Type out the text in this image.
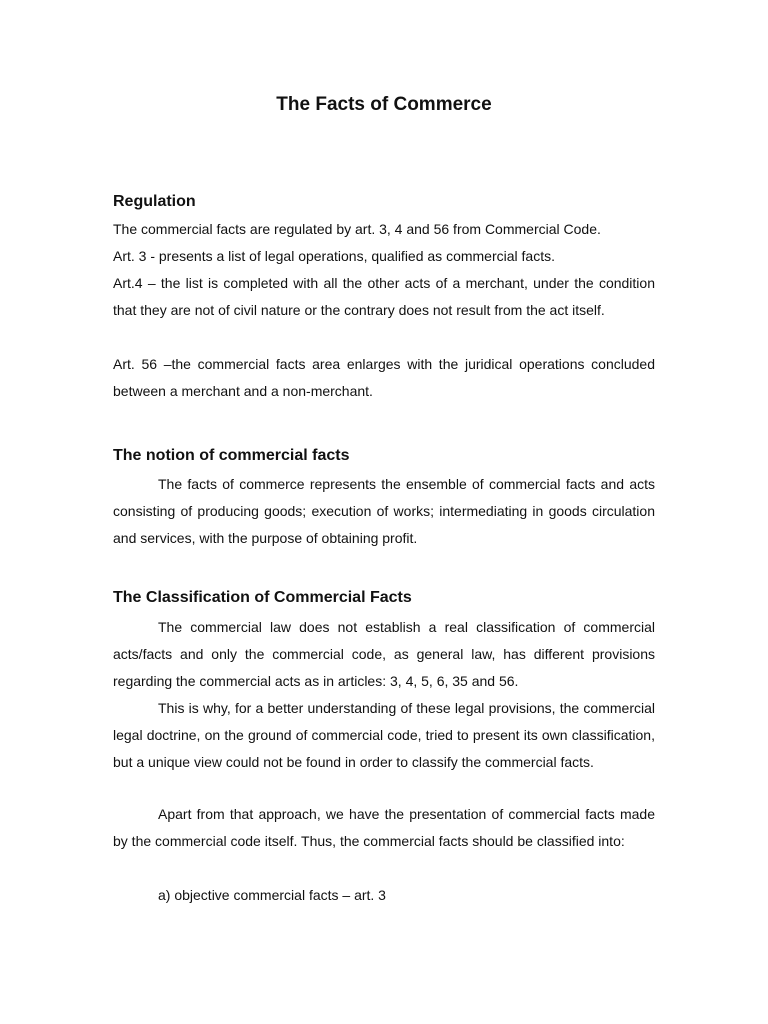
The Facts of Commerce
Regulation

The commercial facts are regulated by art. 3, 4 and 56 from Commercial Code.

Art. 3 - presents a list of legal operations, qualified as commercial facts.

Art.4 – the list is completed with all the other acts of a merchant, under the condition that they are not of civil nature or the contrary does not result from the act itself.

Art. 56 –the commercial facts area enlarges with the juridical operations concluded between a merchant and a non-merchant.

The notion of commercial facts

The facts of commerce represents the ensemble of commercial facts and acts consisting of producing goods; execution of works; intermediating in goods circulation and services, with the purpose of obtaining profit.

The Classification of Commercial Facts

The commercial law does not establish a real classification of commercial acts/facts and only the commercial code, as general law, has different provisions regarding the commercial acts as in articles: 3, 4, 5, 6, 35 and 56.

This is why, for a better understanding of these legal provisions, the commercial legal doctrine, on the ground of commercial code, tried to present its own classification, but a unique view could not be found in order to classify the commercial facts.

Apart from that approach, we have the presentation of commercial facts made by the commercial code itself. Thus, the commercial facts should be classified into:

a) objective commercial facts – art. 3
